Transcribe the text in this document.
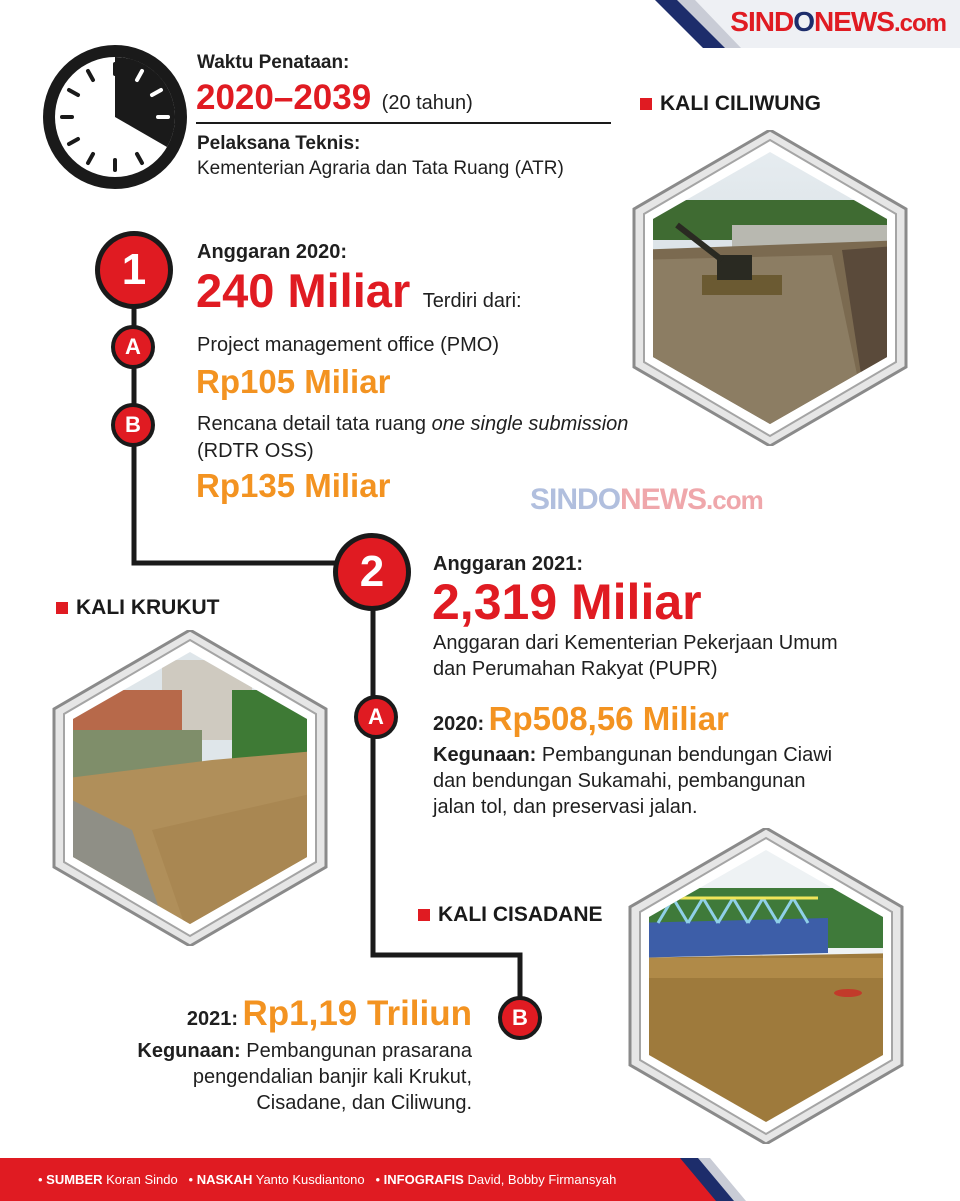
SINDONEWS.com
SINDONEWS.com
Waktu Penataan:
2020–2039 (20 tahun)
Pelaksana Teknis:
Kementerian Agraria dan Tata Ruang (ATR)
1	Anggaran 2020:
240 Miliar Terdiri dari:
A	Project management office (PMO)
Rp105 Miliar
B	Rencana detail tata ruang one single submission
(RDTR OSS)
Rp135 Miliar
2	Anggaran 2021:
2,319 Miliar
Anggaran dari Kementerian Pekerjaan Umum
dan Perumahan Rakyat (PUPR)
A	2020: Rp508,56 Miliar
Kegunaan: Pembangunan bendungan Ciawi
dan bendungan Sukamahi, pembangunan
jalan tol, dan preservasi jalan.
B
2021: Rp1,19 Triliun
Kegunaan: Pembangunan prasarana
pengendalian banjir kali Krukut,
Cisadane, dan Ciliwung.
KALI CILIWUNG
KALI KRUKUT
KALI CISADANE
• SUMBER Koran Sindo • NASKAH Yanto Kusdiantono • INFOGRAFIS David, Bobby Firmansyah
